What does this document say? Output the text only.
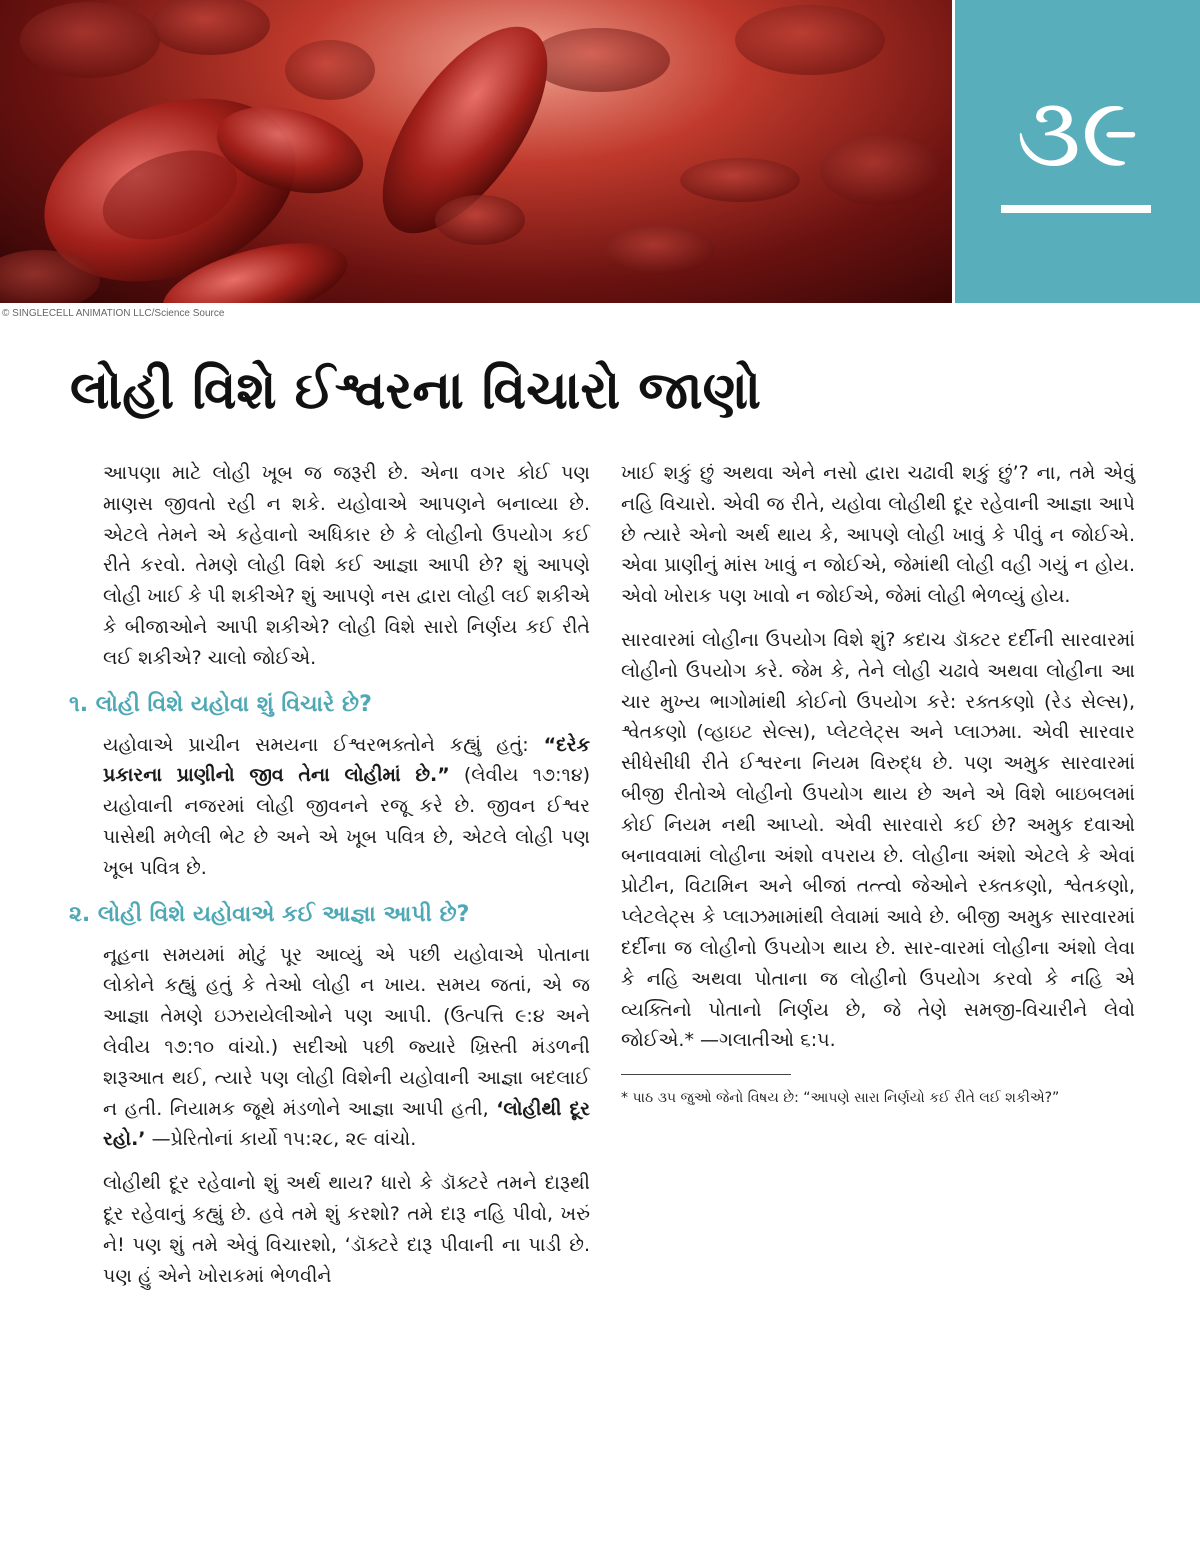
૩૯
© SINGLECELL ANIMATION LLC/Science Source
લોહી વિશે ઈશ્વરના વિચારો જાણો

આપણા માટે લોહી ખૂબ જ જરૂરી છે. એના વગર કોઈ પણ માણસ જીવતો રહી ન શકે. યહોવાએ આપણને બનાવ્યા છે. એટલે તેમને એ કહેવાનો અધિકાર છે કે લોહીનો ઉપયોગ કઈ રીતે કરવો. તેમણે લોહી વિશે કઈ આજ્ઞા આપી છે? શું આપણે લોહી ખાઈ કે પી શકીએ? શું આપણે નસ દ્વારા લોહી લઈ શકીએ કે બીજાઓને આપી શકીએ? લોહી વિશે સારો નિર્ણય કઈ રીતે લઈ શકીએ? ચાલો જોઈએ.

૧. લોહી વિશે યહોવા શું વિચારે છે?

યહોવાએ પ્રાચીન સમયના ઈશ્વરભક્તોને કહ્યું હતું: “દરેક પ્રકારના પ્રાણીનો જીવ તેના લોહીમાં છે.” (લેવીય ૧૭:૧૪) યહોવાની નજરમાં લોહી જીવનને રજૂ કરે છે. જીવન ઈશ્વર પાસેથી મળેલી ભેટ છે અને એ ખૂબ પવિત્ર છે, એટલે લોહી પણ ખૂબ પવિત્ર છે.

૨. લોહી વિશે યહોવાએ કઈ આજ્ઞા આપી છે?

નૂહના સમયમાં મોટું પૂર આવ્યું એ પછી યહોવાએ પોતાના લોકોને કહ્યું હતું કે તેઓ લોહી ન ખાય. સમય જતાં, એ જ આજ્ઞા તેમણે ઇઝરાયેલીઓને પણ આપી. (ઉત્પત્તિ ૯:૪ અને લેવીય ૧૭:૧૦ વાંચો.) સદીઓ પછી જ્યારે ખ્રિસ્તી મંડળની શરૂઆત થઈ, ત્યારે પણ લોહી વિશેની યહોવાની આજ્ઞા બદલાઈ ન હતી. નિયામક જૂથે મંડળોને આજ્ઞા આપી હતી, ‘લોહીથી દૂર રહો.’ —પ્રેરિતોનાં કાર્યો ૧૫:૨૮, ૨૯ વાંચો.

લોહીથી દૂર રહેવાનો શું અર્થ થાય? ધારો કે ડૉક્ટરે તમને દારૂથી દૂર રહેવાનું કહ્યું છે. હવે તમે શું કરશો? તમે દારૂ નહિ પીવો, ખરું ને! પણ શું તમે એવું વિચારશો, ‘ડૉક્ટરે દારૂ પીવાની ના પાડી છે. પણ હું એને ખોરાકમાં ભેળવીને

ખાઈ શકું છું અથવા એને નસો દ્વારા ચઢાવી શકું છું’? ના, તમે એવું નહિ વિચારો. એવી જ રીતે, યહોવા લોહીથી દૂર રહેવાની આજ્ઞા આપે છે ત્યારે એનો અર્થ થાય કે, આપણે લોહી ખાવું કે પીવું ન જોઈએ. એવા પ્રાણીનું માંસ ખાવું ન જોઈએ, જેમાંથી લોહી વહી ગયું ન હોય. એવો ખોરાક પણ ખાવો ન જોઈએ, જેમાં લોહી ભેળવ્યું હોય.

સારવારમાં લોહીના ઉપયોગ વિશે શું? કદાચ ડૉક્ટર દર્દીની સારવારમાં લોહીનો ઉપયોગ કરે. જેમ કે, તેને લોહી ચઢાવે અથવા લોહીના આ ચાર મુખ્ય ભાગોમાંથી કોઈનો ઉપયોગ કરે: રક્તકણો (રેડ સેલ્સ), શ્વેતકણો (વ્હાઇટ સેલ્સ), પ્લેટલેટ્સ અને પ્લાઝમા. એવી સારવાર સીધેસીધી રીતે ઈશ્વરના નિયમ વિરુદ્ધ છે. પણ અમુક સારવારમાં બીજી રીતોએ લોહીનો ઉપયોગ થાય છે અને એ વિશે બાઇબલમાં કોઈ નિયમ નથી આપ્યો. એવી સારવારો કઈ છે? અમુક દવાઓ બનાવવામાં લોહીના અંશો વપરાય છે. લોહીના અંશો એટલે કે એવાં પ્રોટીન, વિટામિન અને બીજાં તત્ત્વો જેઓને રક્તકણો, શ્વેતકણો, પ્લેટલેટ્સ કે પ્લાઝમામાંથી લેવામાં આવે છે. બીજી અમુક સારવારમાં દર્દીના જ લોહીનો ઉપયોગ થાય છે. સાર-વારમાં લોહીના અંશો લેવા કે નહિ અથવા પોતાના જ લોહીનો ઉપયોગ કરવો કે નહિ એ વ્યક્તિનો પોતાનો નિર્ણય છે, જે તેણે સમજી-વિચારીને લેવો જોઈએ.* —ગલાતીઓ ૬:૫.

* પાઠ ૩૫ જુઓ જેનો વિષય છે: “આપણે સારા નિર્ણયો કઈ રીતે લઈ શકીએ?”
